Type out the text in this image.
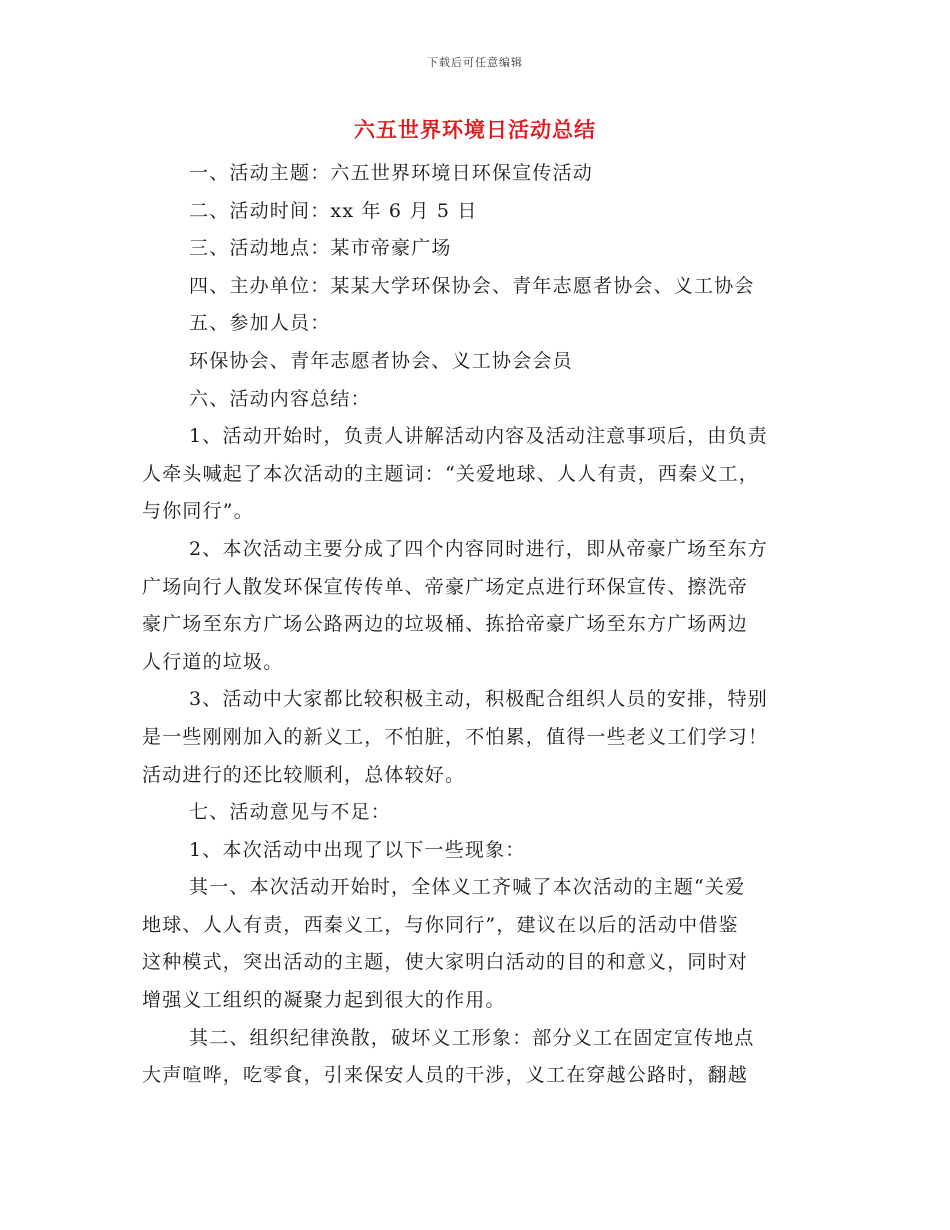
下载后可任意编辑
六五世界环境日活动总结

一、活动主题：六五世界环境日环保宣传活动

二、活动时间：xx 年 6 月 5 日

三、活动地点：某市帝豪广场

四、主办单位：某某大学环保协会、青年志愿者协会、义工协会

五、参加人员：

环保协会、青年志愿者协会、义工协会会员

六、活动内容总结：

1、活动开始时，负责人讲解活动内容及活动注意事项后，由负责

人牵头喊起了本次活动的主题词：“关爱地球、人人有责，西秦义工，

与你同行”。

2、本次活动主要分成了四个内容同时进行，即从帝豪广场至东方

广场向行人散发环保宣传传单、帝豪广场定点进行环保宣传、擦洗帝

豪广场至东方广场公路两边的垃圾桶、拣拾帝豪广场至东方广场两边

人行道的垃圾。

3、活动中大家都比较积极主动，积极配合组织人员的安排，特别

是一些刚刚加入的新义工，不怕脏，不怕累，值得一些老义工们学习！

活动进行的还比较顺利，总体较好。

七、活动意见与不足：

1、本次活动中出现了以下一些现象：

其一、本次活动开始时，全体义工齐喊了本次活动的主题“关爱

地球、人人有责，西秦义工，与你同行”，建议在以后的活动中借鉴

这种模式，突出活动的主题，使大家明白活动的目的和意义，同时对

增强义工组织的凝聚力起到很大的作用。

其二、组织纪律涣散，破坏义工形象：部分义工在固定宣传地点

大声喧哗，吃零食，引来保安人员的干涉，义工在穿越公路时，翻越
